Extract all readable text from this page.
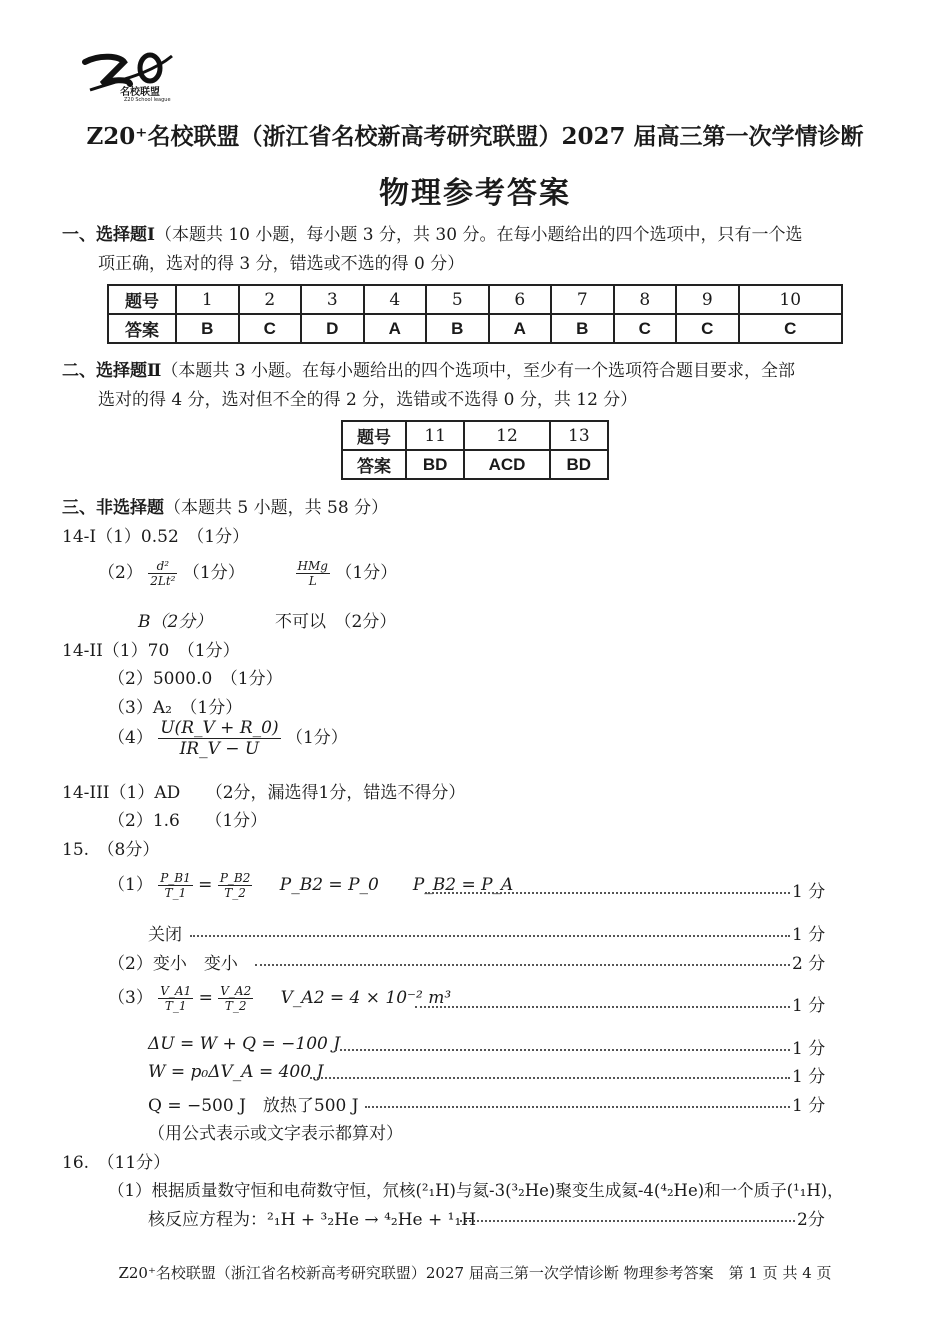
名校联盟
Z20 School league
Z20⁺名校联盟（浙江省名校新高考研究联盟）2027 届高三第一次学情诊断
物理参考答案
一、选择题Ⅰ（本题共 10 小题，每小题 3 分，共 30 分。在每小题给出的四个选项中，只有一个选
项正确，选对的得 3 分，错选或不选的得 0 分）
题号	1	2	3	4	5	6	7	8	9	10
答案	B	C	D	A	B	A	B	C	C	C
二、选择题Ⅱ（本题共 3 小题。在每小题给出的四个选项中，至少有一个选项符合题目要求，全部
选对的得 4 分，选对但不全的得 2 分，选错或不选得 0 分，共 12 分）
题号	11	12	13
答案	BD	ACD	BD
三、非选择题（本题共 5 小题，共 58 分）
14-I（1）0.52　（1分）
$(2) \frac{\text{d²}}{\text{2Lt²}} (1$分）	$\frac{\text{HMg}}{L} (1$分）
B（2分）	不可以　（2分）
14-II（1）70　（1分）
（2）5000.0　（1分）
（3）A₂　（1分）
$(4) \frac{U(R\_V + R\_0)}{IR\_V - U} (1$分）
14-III（1）AD　　（2分，漏选得1分，错选不得分）
（2）1.6　　（1分）
15.　（8分）
$(1) \frac{P\_B1}{T\_1} = \frac{P\_B2}{T\_2}$ P_B2 = P_0　　P_B2 = P_A	1 分
关闭	1 分
（2）变小　变小	2 分
$(3) \frac{V\_A1}{T\_1} = \frac{V\_A2}{T\_2}$ V_A2 = 4 × 10⁻² m³	1 分
ΔU = W + Q = −100 J	1 分
W = p₀ΔV_A = 400 J	1 分
Q = −500 J　放热了500 J	1 分
（用公式表示或文字表示都算对）
16.　（11分）
（1）根据质量数守恒和电荷数守恒，氘核(²₁H)与氦-3(³₂He)聚变生成氦-4(⁴₂He)和一个质子(¹₁H)，
核反应方程为：²₁H + ³₂He → ⁴₂He + ¹₁H	2分
Z20⁺名校联盟（浙江省名校新高考研究联盟）2027 届高三第一次学情诊断 物理参考答案　第 1 页 共 4 页
